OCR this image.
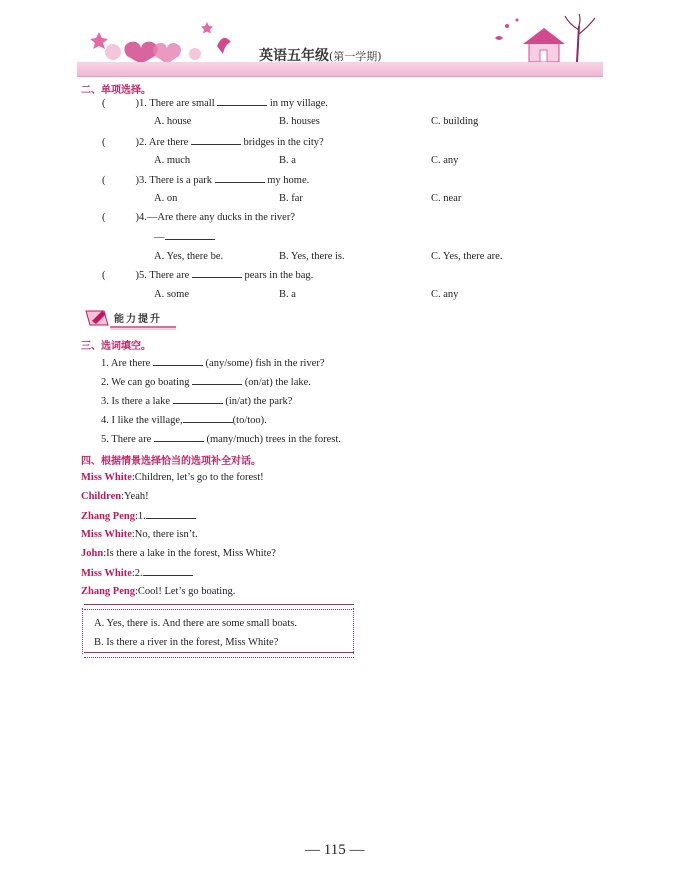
英语五年级(第一学期)
二、单项选择。
(	)1. There are small	in my village.
A. house	B. houses	C. building
(	)2. Are there	bridges in the city?
A. much	B. a	C. any
(	)3. There is a park	my home.
A. on	B. far	C. near
(	)4.—Are there any ducks in the river?
—
A. Yes, there be.	B. Yes, there is.	C. Yes, there are.
(	)5. There are	pears in the bag.
A. some	B. a	C. any
能力提升
三、选词填空。
1. Are there	(any/some) fish in the river?
2. We can go boating	(on/at) the lake.
3. Is there a lake	(in/at) the park?
4. I like the village,	(to/too).
5. There are	(many/much) trees in the forest.
四、根据情景选择恰当的选项补全对话。
Miss White:Children, let’s go to the forest!
Children:Yeah!
Zhang Peng:1.
Miss White:No, there isn’t.
John:Is there a lake in the forest, Miss White?
Miss White:2.
Zhang Peng:Cool! Let’s go boating.
A. Yes, there is. And there are some small boats.
B. Is there a river in the forest, Miss White?
— 115 —
